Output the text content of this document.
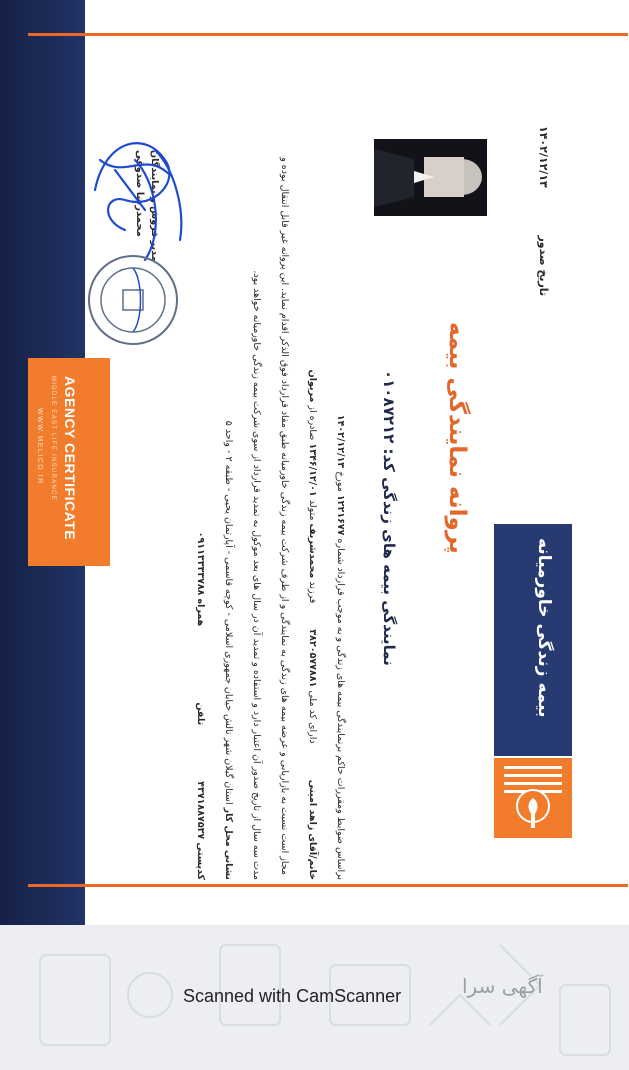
AGENCY CERTIFICATE
MIDDLE EAST LIFE INSURANCE
WWW.MELICO.IR
بیمه زندگی خاورمیانه
پروانه نمایندگی بیمه
نمایندگی بیمه های زندگی کد: ۰۱۰۸۷۲۱۲
تاریخ صدور  ۱۴۰۲/۱۲/۱۳
براساس ضوابط ومقررات حاکم برنمایندگی بیمه های زندگی و به موجب قرارداد شماره ۱۲۲۱۶۷۷ مورخ ۱۴۰۲/۱۲/۱۳
خانم/آقای زاهد امینی  دارای کد ملی ۳۸۲۰۵۷۷۸۸۱  فرزند محمدشریف متولد ۱۳۴۶/۱۲/۰۱ صادره از مریوان
مجاز است نسبت به بازاریابی و عرضه بیمه های زندگی به نمایندگی و از طرف شرکت بیمه زندگی خاورمیانه طبق مفاد قرارداد فوق الذکر اقدام نماید. این پروانه غیر قابل انتقال بوده و
مدت سه سال از تاریخ صدور آن اعتبار دارد و استفاده و تمدید آن در سال های بعد موکول به تمدید قرارداد از سوی شرکت بیمه زندگی خاورمیانه خواهد بود.
نشانی محل کار استان گیلان شهر تالش خیابان جمهوری اسلامی - کوچه قاسمی - آپارتمان یحیی - طبقه ۲ - واحد ۵
کدپستی ۴۳۷۱۸۸۷۵۳۷  تلفن  همراه ۰۹۱۱۳۳۳۳۷۸۸
مدیر فروش و نمایندگان
محمدرضا صدوقی
Scanned with CamScanner	آگهی سرا
